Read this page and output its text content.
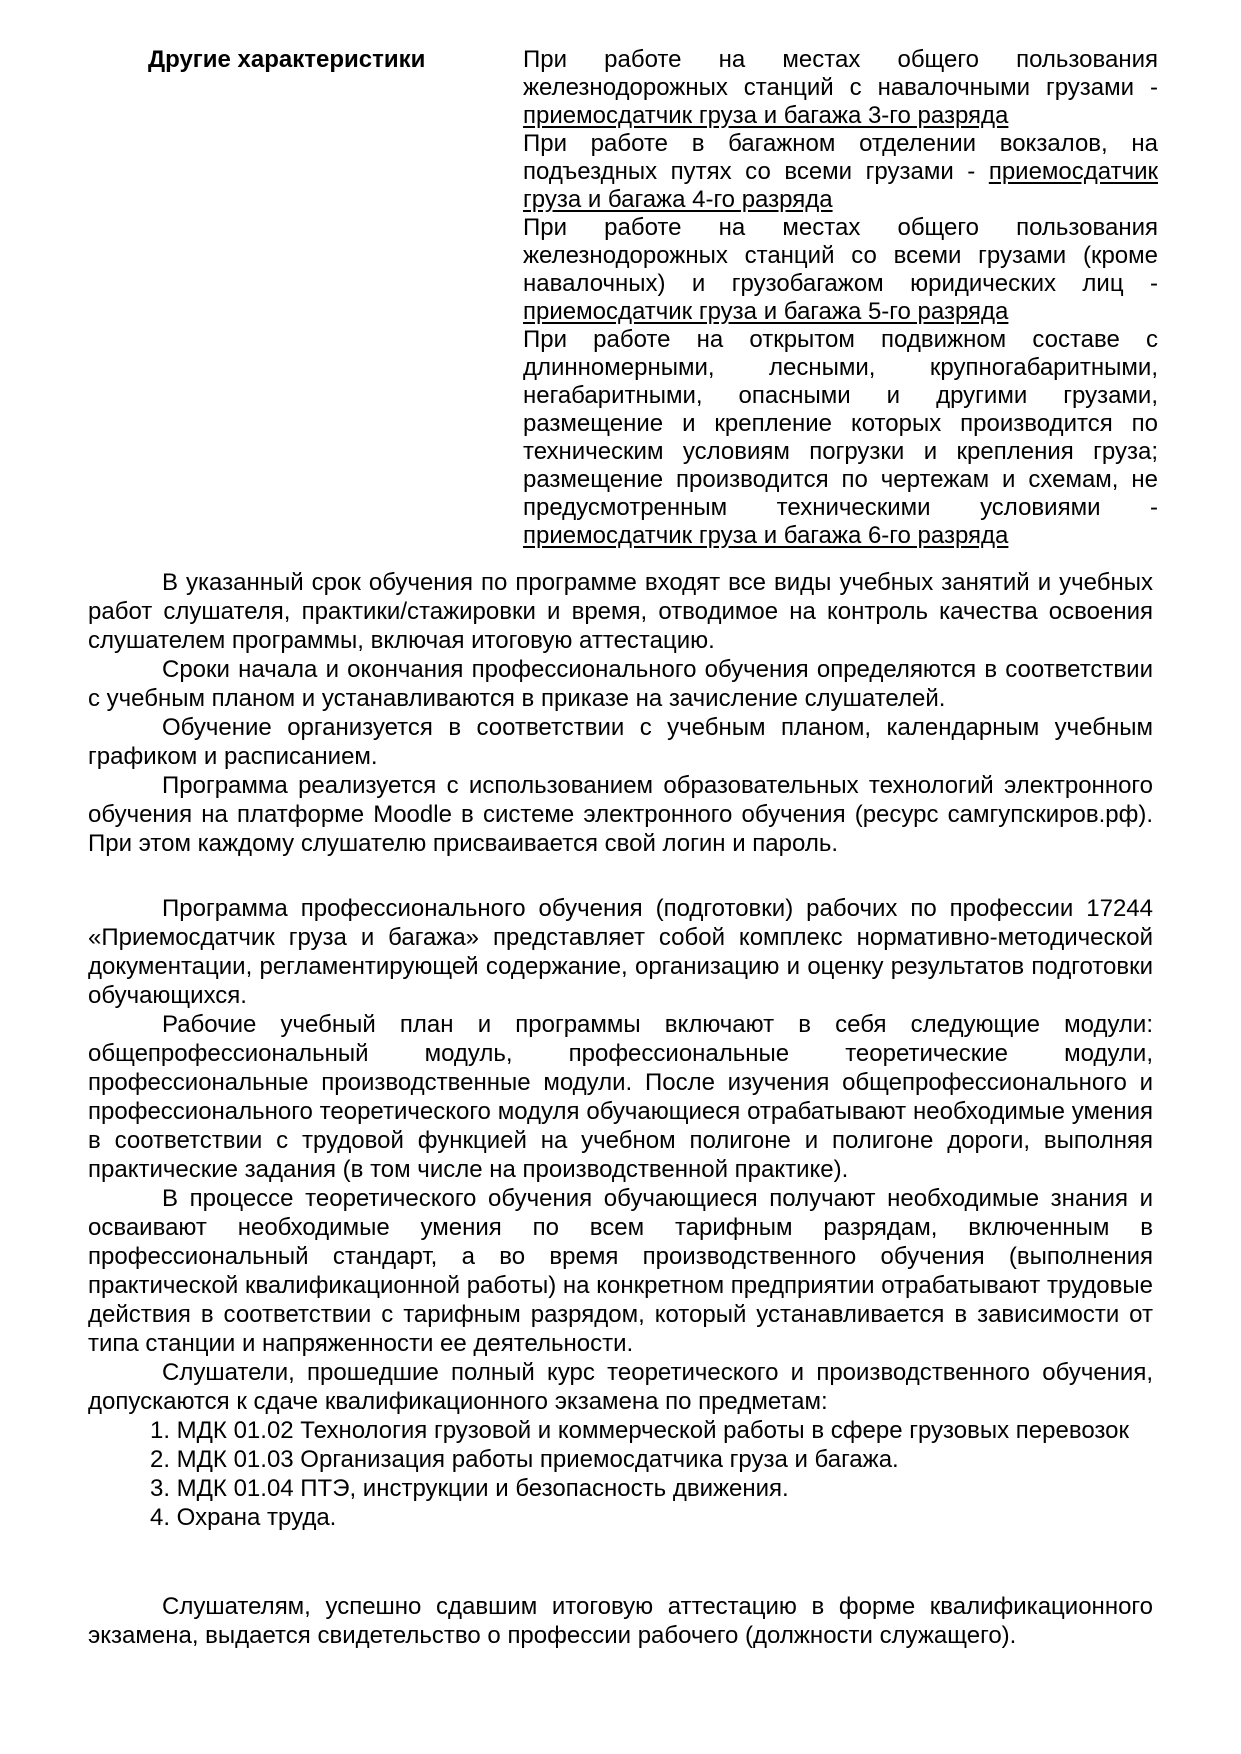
Другие характеристики	При работе на местах общего пользования железнодорожных станций с навалочными грузами - приемосдатчик груза и багажа 3-го разряда

При работе в багажном отделении вокзалов, на подъездных путях со всеми грузами - приемосдатчик груза и багажа 4-го разряда

При работе на местах общего пользования железнодорожных станций со всеми грузами (кроме навалочных) и грузобагажом юридических лиц - приемосдатчик груза и багажа 5-го разряда

При работе на открытом подвижном составе с длинномерными, лесными, крупногабаритными, негабаритными, опасными и другими грузами, размещение и крепление которых производится по техническим условиям погрузки и крепления груза; размещение производится по чертежам и схемам, не предусмотренным техническими условиями - приемосдатчик груза и багажа 6-го разряда

В указанный срок обучения по программе входят все виды учебных занятий и учебных работ слушателя, практики/стажировки и время, отводимое на контроль качества освоения слушателем программы, включая итоговую аттестацию.

Сроки начала и окончания профессионального обучения определяются в соответствии с учебным планом и устанавливаются в приказе на зачисление слушателей.

Обучение организуется в соответствии с учебным планом, календарным учебным графиком и расписанием.

Программа реализуется с использованием образовательных технологий электронного обучения на платформе Moodle в системе электронного обучения (ресурс самгупскиров.рф). При этом каждому слушателю присваивается свой логин и пароль.

Программа профессионального обучения (подготовки) рабочих по профессии 17244 «Приемосдатчик груза и багажа» представляет собой комплекс нормативно-методической документации, регламентирующей содержание, организацию и оценку результатов подготовки обучающихся.

Рабочие учебный план и программы включают в себя следующие модули: общепрофессиональный модуль, профессиональные теоретические модули, профессиональные производственные модули. После изучения общепрофессионального и профессионального теоретического модуля обучающиеся отрабатывают необходимые умения в соответствии с трудовой функцией на учебном полигоне и полигоне дороги, выполняя практические задания (в том числе на производственной практике).

В процессе теоретического обучения обучающиеся получают необходимые знания и осваивают необходимые умения по всем тарифным разрядам, включенным в профессиональный стандарт, а во время производственного обучения (выполнения практической квалификационной работы) на конкретном предприятии отрабатывают трудовые действия в соответствии с тарифным разрядом, который устанавливается в зависимости от типа станции и напряженности ее деятельности.

Слушатели, прошедшие полный курс теоретического и производственного обучения, допускаются к сдаче квалификационного экзамена по предметам:

1. МДК 01.02 Технология грузовой и коммерческой работы в сфере грузовых перевозок

2. МДК 01.03 Организация работы приемосдатчика груза и багажа.

3. МДК 01.04 ПТЭ, инструкции и безопасность движения.

4. Охрана труда.

Слушателям, успешно сдавшим итоговую аттестацию в форме квалификационного экзамена, выдается свидетельство о профессии рабочего (должности служащего).
